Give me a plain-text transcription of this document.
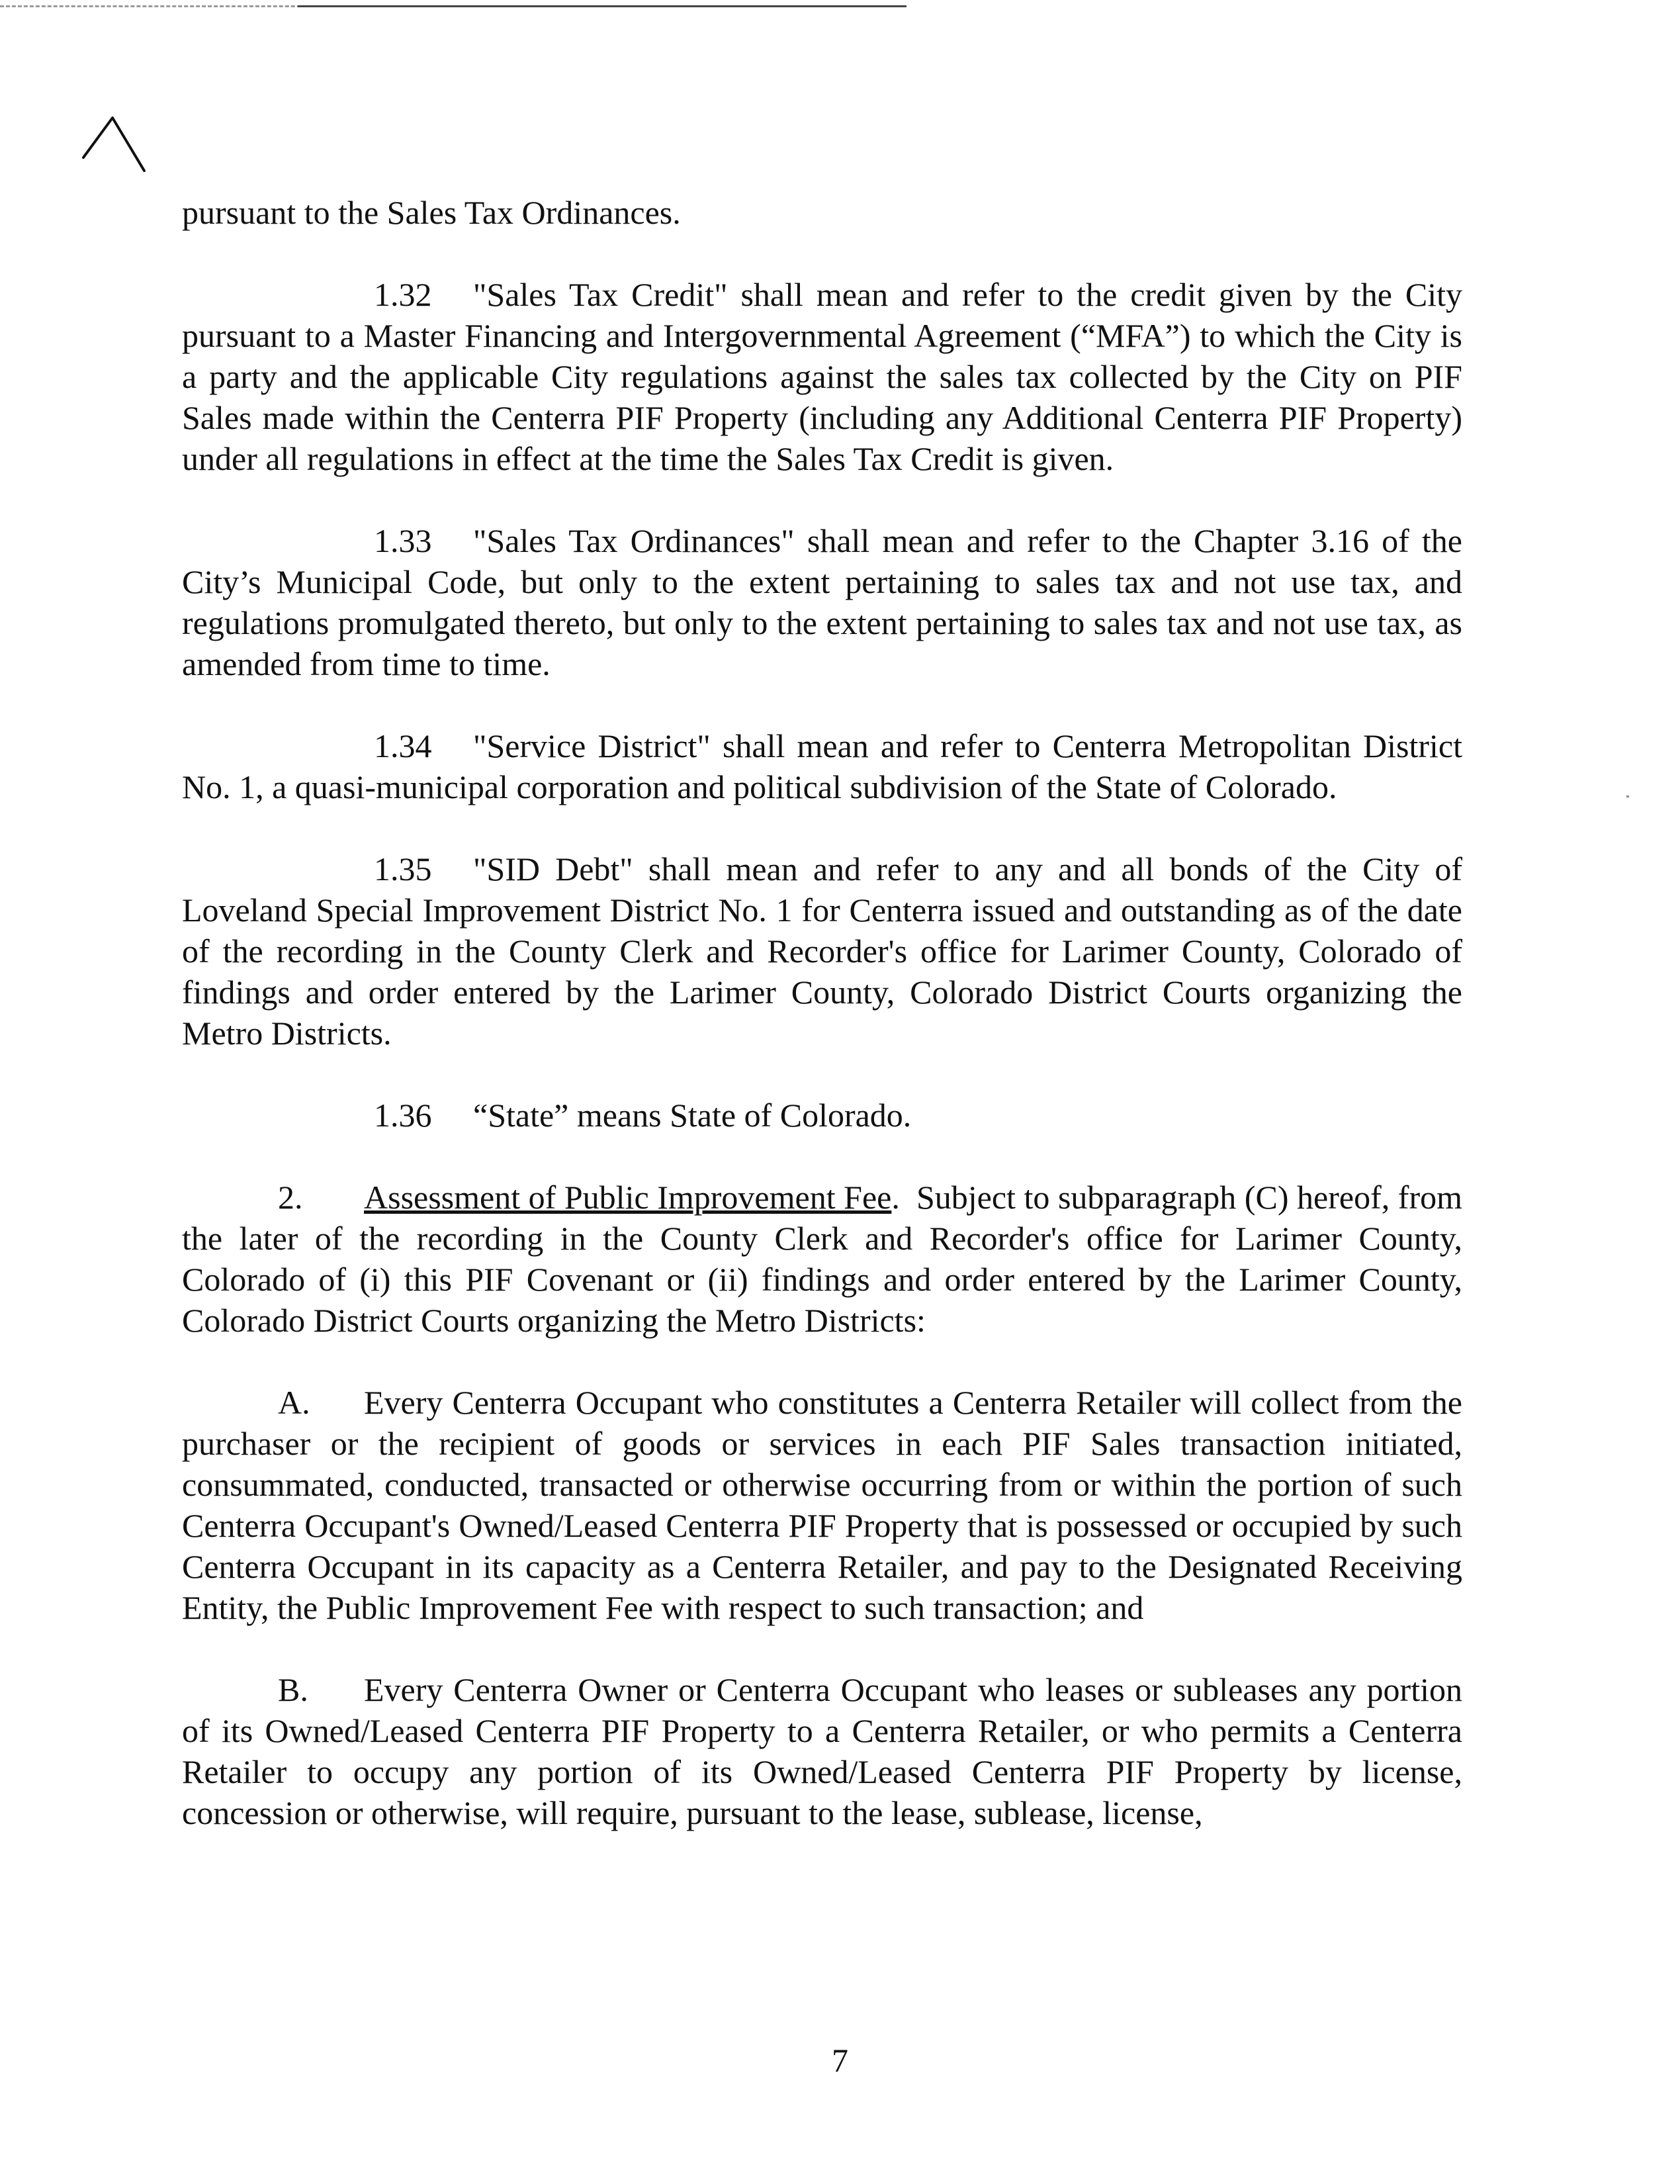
pursuant to the Sales Tax Ordinances.

1.32 "Sales Tax Credit" shall mean and refer to the credit given by the City pursuant to a Master Financing and Intergovernmental Agreement (“MFA”) to which the City is a party and the applicable City regulations against the sales tax collected by the City on PIF Sales made within the Centerra PIF Property (including any Additional Centerra PIF Property) under all regulations in effect at the time the Sales Tax Credit is given.

1.33 "Sales Tax Ordinances" shall mean and refer to the Chapter 3.16 of the City’s Municipal Code, but only to the extent pertaining to sales tax and not use tax, and regulations promulgated thereto, but only to the extent pertaining to sales tax and not use tax, as amended from time to time.

1.34 "Service District" shall mean and refer to Centerra Metropolitan District No. 1, a quasi-municipal corporation and political subdivision of the State of Colorado.

1.35 "SID Debt" shall mean and refer to any and all bonds of the City of Loveland Special Improvement District No. 1 for Centerra issued and outstanding as of the date of the recording in the County Clerk and Recorder's office for Larimer County, Colorado of findings and order entered by the Larimer County, Colorado District Courts organizing the Metro Districts.

1.36 “State” means State of Colorado.

2. Assessment of Public Improvement Fee. Subject to subparagraph (C) hereof, from the later of the recording in the County Clerk and Recorder's office for Larimer County, Colorado of (i) this PIF Covenant or (ii) findings and order entered by the Larimer County, Colorado District Courts organizing the Metro Districts:

A. Every Centerra Occupant who constitutes a Centerra Retailer will collect from the purchaser or the recipient of goods or services in each PIF Sales transaction initiated, consummated, conducted, transacted or otherwise occurring from or within the portion of such Centerra Occupant's Owned/Leased Centerra PIF Property that is possessed or occupied by such Centerra Occupant in its capacity as a Centerra Retailer, and pay to the Designated Receiving Entity, the Public Improvement Fee with respect to such transaction; and

B. Every Centerra Owner or Centerra Occupant who leases or subleases any portion of its Owned/Leased Centerra PIF Property to a Centerra Retailer, or who permits a Centerra Retailer to occupy any portion of its Owned/Leased Centerra PIF Property by license, concession or otherwise, will require, pursuant to the lease, sublease, license,

7
